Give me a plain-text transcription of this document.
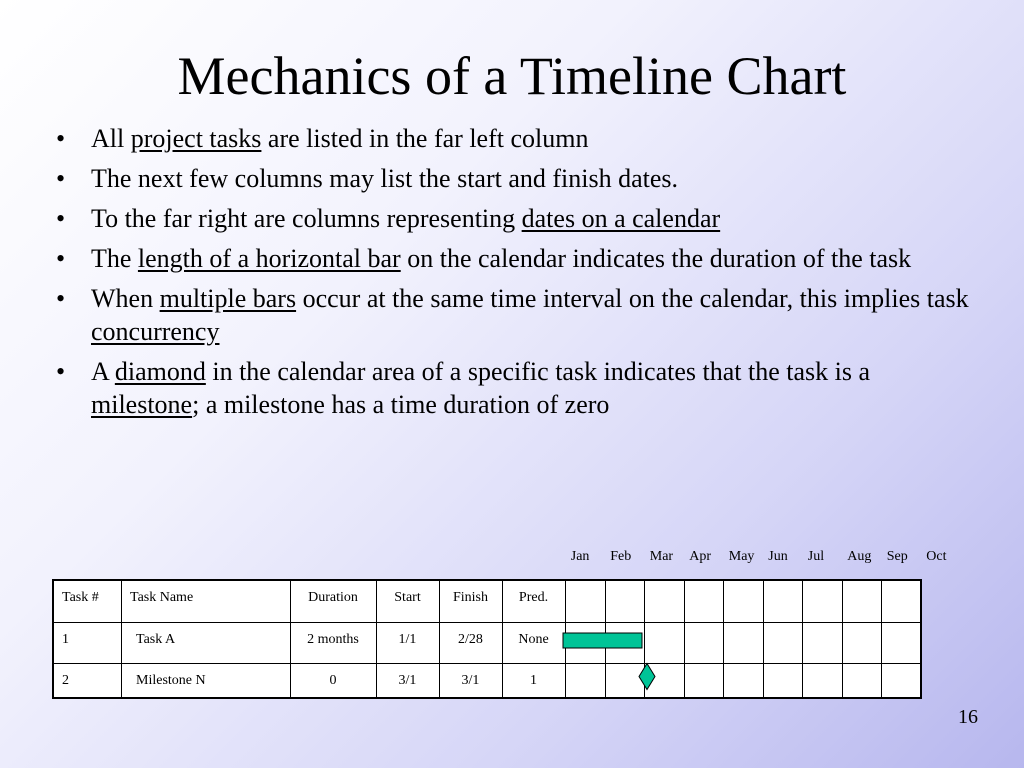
Mechanics of a Timeline Chart
• All project tasks are listed in the far left column
• The next few columns may list the start and finish dates.
• To the far right are columns representing dates on a calendar
• The length of a horizontal bar on the calendar indicates the duration of the task
• When multiple bars occur at the same time interval on the calendar, this implies task concurrency
• A diamond in the calendar area of a specific task indicates that the task is a milestone; a milestone has a time duration of zero
Jan Feb Mar Apr May Jun Jul Aug Sep Oct
Task # Task Name	Duration	Start	Finish	Pred.
1	Task A	2 months	1/1	2/28	None
2	Milestone N	0	3/1	3/1	1
16
